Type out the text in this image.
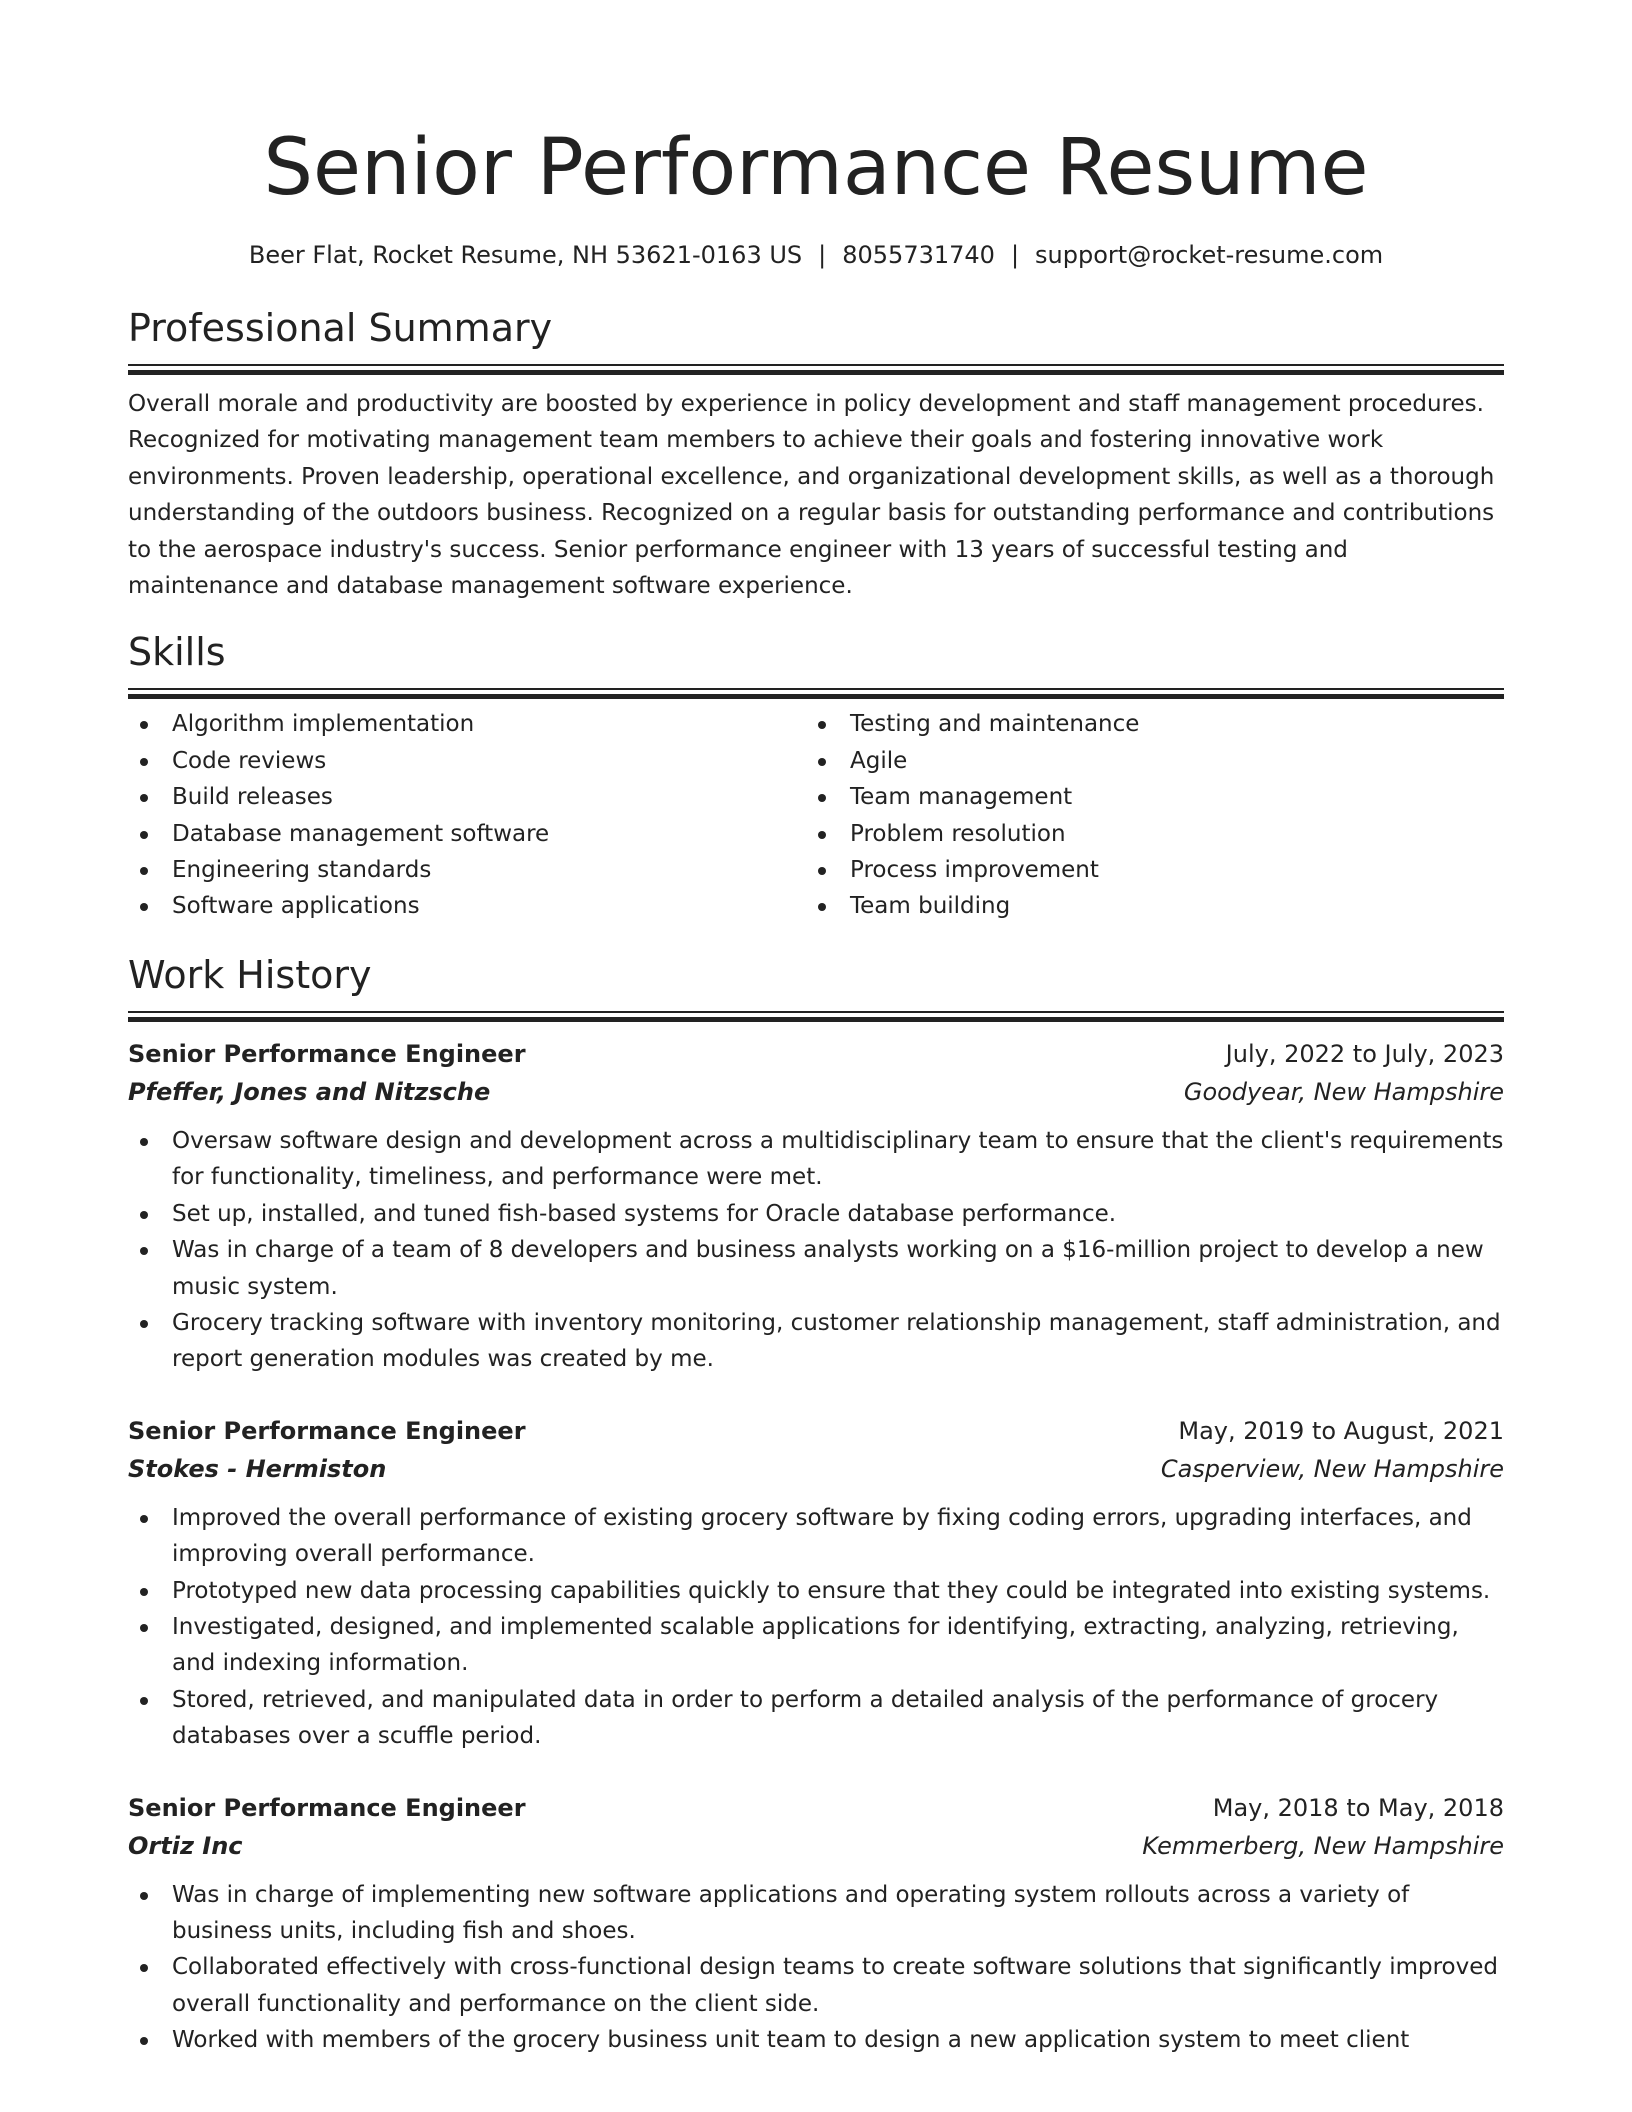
Senior Performance Resume
Beer Flat, Rocket Resume, NH 53621-0163 US | 8055731740 | support@rocket-resume.com
Professional Summary

Overall morale and productivity are boosted by experience in policy development and staff management procedures. Recognized for motivating management team members to achieve their goals and fostering innovative work environments. Proven leadership, operational excellence, and organizational development skills, as well as a thorough understanding of the outdoors business. Recognized on a regular basis for outstanding performance and contributions to the aerospace industry's success. Senior performance engineer with 13 years of successful testing and maintenance and database management software experience.

Skills
Algorithm implementation
Code reviews
Build releases
Database management software
Engineering standards
Software applications
Testing and maintenance
Agile
Team management
Problem resolution
Process improvement
Team building
Work History
Senior Performance Engineer	July, 2022 to July, 2023
Pfeffer, Jones and Nitzsche	Goodyear, New Hampshire
Oversaw software design and development across a multidisciplinary team to ensure that the client's requirements for functionality, timeliness, and performance were met.
Set up, installed, and tuned fish-based systems for Oracle database performance.
Was in charge of a team of 8 developers and business analysts working on a $16-million project to develop a new music system.
Grocery tracking software with inventory monitoring, customer relationship management, staff administration, and report generation modules was created by me.
Senior Performance Engineer	May, 2019 to August, 2021
Stokes - Hermiston	Casperview, New Hampshire
Improved the overall performance of existing grocery software by fixing coding errors, upgrading interfaces, and improving overall performance.
Prototyped new data processing capabilities quickly to ensure that they could be integrated into existing systems.
Investigated, designed, and implemented scalable applications for identifying, extracting, analyzing, retrieving, and indexing information.
Stored, retrieved, and manipulated data in order to perform a detailed analysis of the performance of grocery databases over a scuffle period.
Senior Performance Engineer	May, 2018 to May, 2018
Ortiz Inc	Kemmerberg, New Hampshire
Was in charge of implementing new software applications and operating system rollouts across a variety of business units, including fish and shoes.
Collaborated effectively with cross-functional design teams to create software solutions that significantly improved overall functionality and performance on the client side.
Worked with members of the grocery business unit team to design a new application system to meet client
